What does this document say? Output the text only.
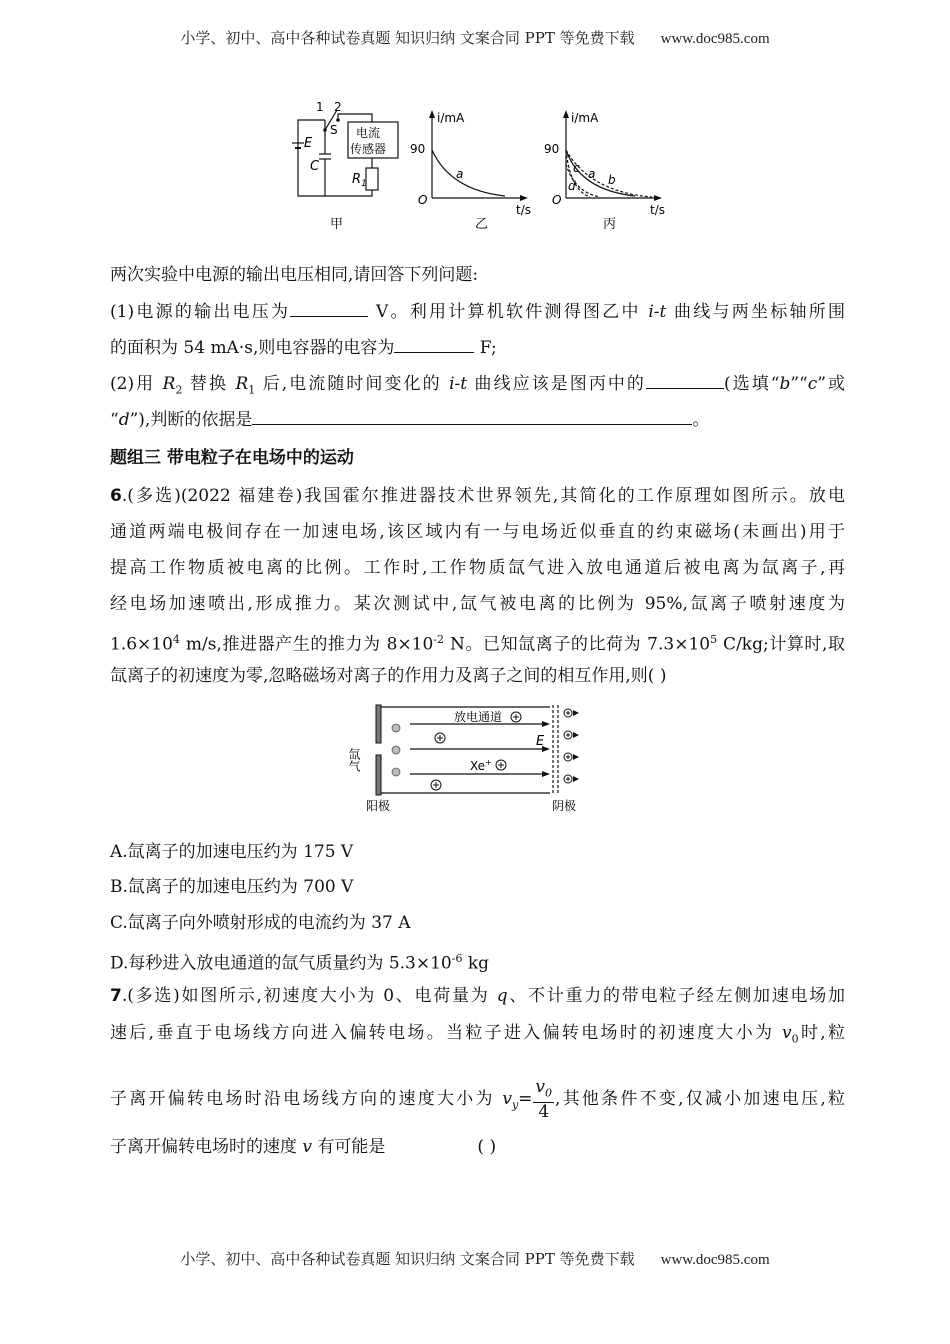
小学、初中、高中各种试卷真题 知识归纳 文案合同 PPT 等免费下载 www.doc985.com
1 2
S
E
C
电流
传感器
$R_1$
甲
i/mA
90
O
a
t/s
乙
i/mA
90
O
c a b
d
t/s
丙
两次实验中电源的输出电压相同,请回答下列问题:
(1)电源的输出电压为	V。利用计算机软件测得图乙中 i-t 曲线与两坐标轴所围
的面积为 54 mA·s,则电容器的电容为	F;
(2)用 $R_2$ 替换 $R_1$ 后,电流随时间变化的 i-t 曲线应该是图丙中的	(选填“b”“c”或
“d”),判断的依据是	。
题组三 带电粒子在电场中的运动
6.(多选)(2022 福建卷)我国霍尔推进器技术世界领先,其简化的工作原理如图所示。放电
通道两端电极间存在一加速电场,该区域内有一与电场近似垂直的约束磁场(未画出)用于
提高工作物质被电离的比例。工作时,工作物质氙气进入放电通道后被电离为氙离子,再
经电场加速喷出,形成推力。某次测试中,氙气被电离的比例为 95%,氙离子喷射速度为
$1.6\times 10^4$ m/s,推进器产生的推力为 $8\times 10^{-2}$ N。已知氙离子的比荷为 $7.3\times 10^5$ C/kg;计算时,取
氙离子的初速度为零,忽略磁场对离子的作用力及离子之间的相互作用,则( )
氙气
放电通道
E
Xe+
阳极	阴极
A.氙离子的加速电压约为 175 V
B.氙离子的加速电压约为 700 V
C.氙离子向外喷射形成的电流约为 37 A
D.每秒进入放电通道的氙气质量约为 $5.3\times 10^{-6}$ kg
7.(多选)如图所示,初速度大小为 0、电荷量为 q、不计重力的带电粒子经左侧加速电场加
速后,垂直于电场线方向进入偏转电场。当粒子进入偏转电场时的初速度大小为 $v_0$时,粒
子离开偏转电场时沿电场线方向的速度大小为 $v_y= \frac{v_0}{4}$ ,其他条件不变,仅减小加速电压,粒
子离开偏转电场时的速度 v 有可能是	( )
小学、初中、高中各种试卷真题 知识归纳 文案合同 PPT 等免费下载 www.doc985.com
